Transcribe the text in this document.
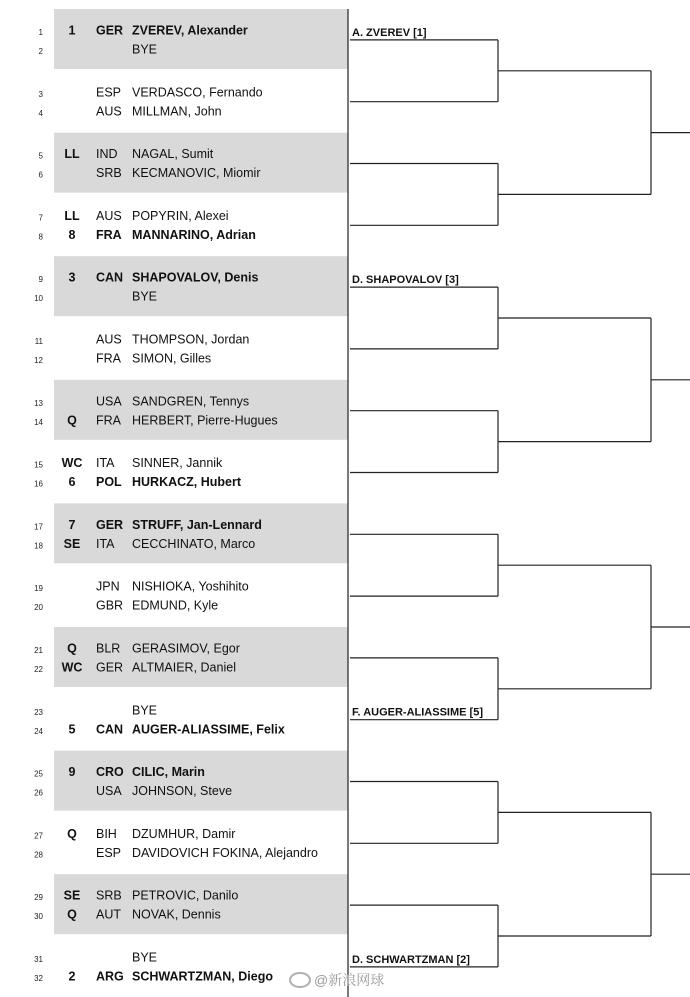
1 1 GER ZVEREV, Alexander
2	BYE
3	ESP VERDASCO, Fernando
4	AUS MILLMAN, John
5 LL IND NAGAL, Sumit
6	SRB KECMANOVIC, Miomir
7 LL AUS POPYRIN, Alexei
8 8 FRA MANNARINO, Adrian
9 3 CAN SHAPOVALOV, Denis
10	BYE
11	AUS THOMPSON, Jordan
12	FRA SIMON, Gilles
13	USA SANDGREN, Tennys
14 Q FRA HERBERT, Pierre-Hugues
15 WC ITA SINNER, Jannik
16 6 POL HURKACZ, Hubert
17 7 GER STRUFF, Jan-Lennard
18 SE ITA CECCHINATO, Marco
19	JPN NISHIOKA, Yoshihito
20	GBR EDMUND, Kyle
21 Q BLR GERASIMOV, Egor
22 WC GER ALTMAIER, Daniel
23	BYE
24 5 CAN AUGER-ALIASSIME, Felix
25 9 CRO CILIC, Marin
26	USA JOHNSON, Steve
27 Q BIH DZUMHUR, Damir
28	ESP DAVIDOVICH FOKINA, Alejandro
29 SE SRB PETROVIC, Danilo
30 Q AUT NOVAK, Dennis
31	BYE
32 2 ARG SCHWARTZMAN, Diego
A. ZVEREV [1]
D. SHAPOVALOV [3]
F. AUGER-ALIASSIME [5]
D. SCHWARTZMAN [2]
@新浪网球
